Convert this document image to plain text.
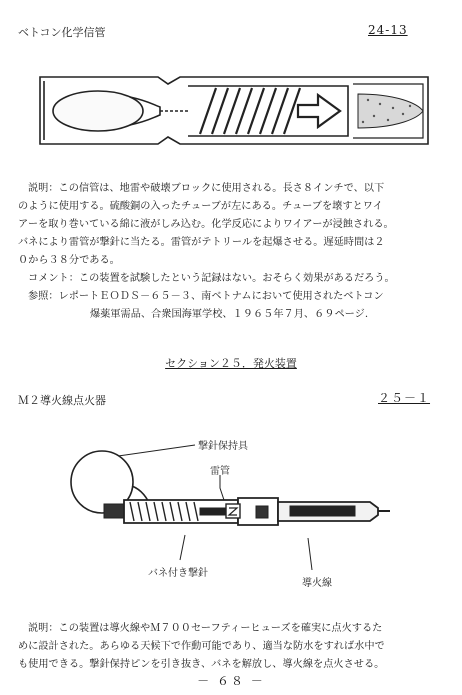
ベトコン化学信管	24-13

説明：この信管は、地雷や破壊ブロックに使用される。長さ８インチで、以下

のように使用する。硫酸銅の入ったチューブが左にある。チューブを壊すとワイ

アーを取り巻いている綿に液がしみ込む。化学反応によりワイアーが浸蝕される。

バネにより雷管が撃針に当たる。雷管がテトリールを起爆させる。遅延時間は２

０から３８分である。

コメント：この装置を試験したという記録はない。おそらく効果があるだろう。

参照：レポートＥＯＤＳ－６５－３、南ベトナムにおいて使用されたベトコン

爆薬軍需品、合衆国海軍学校、１９６５年７月、６９ページ.

セクション２５．発火装置
Ｍ２導火線点火器	２５－１
撃針保持具
雷管
バネ付き撃針
導火線

説明：この装置は導火線やＭ７００セーフティーヒューズを確実に点火するた

めに設計された。あらゆる天候下で作動可能であり、適当な防水をすれば水中で

も使用できる。撃針保持ピンを引き抜き、バネを解放し、導火線を点火させる。

－ ６８ －
